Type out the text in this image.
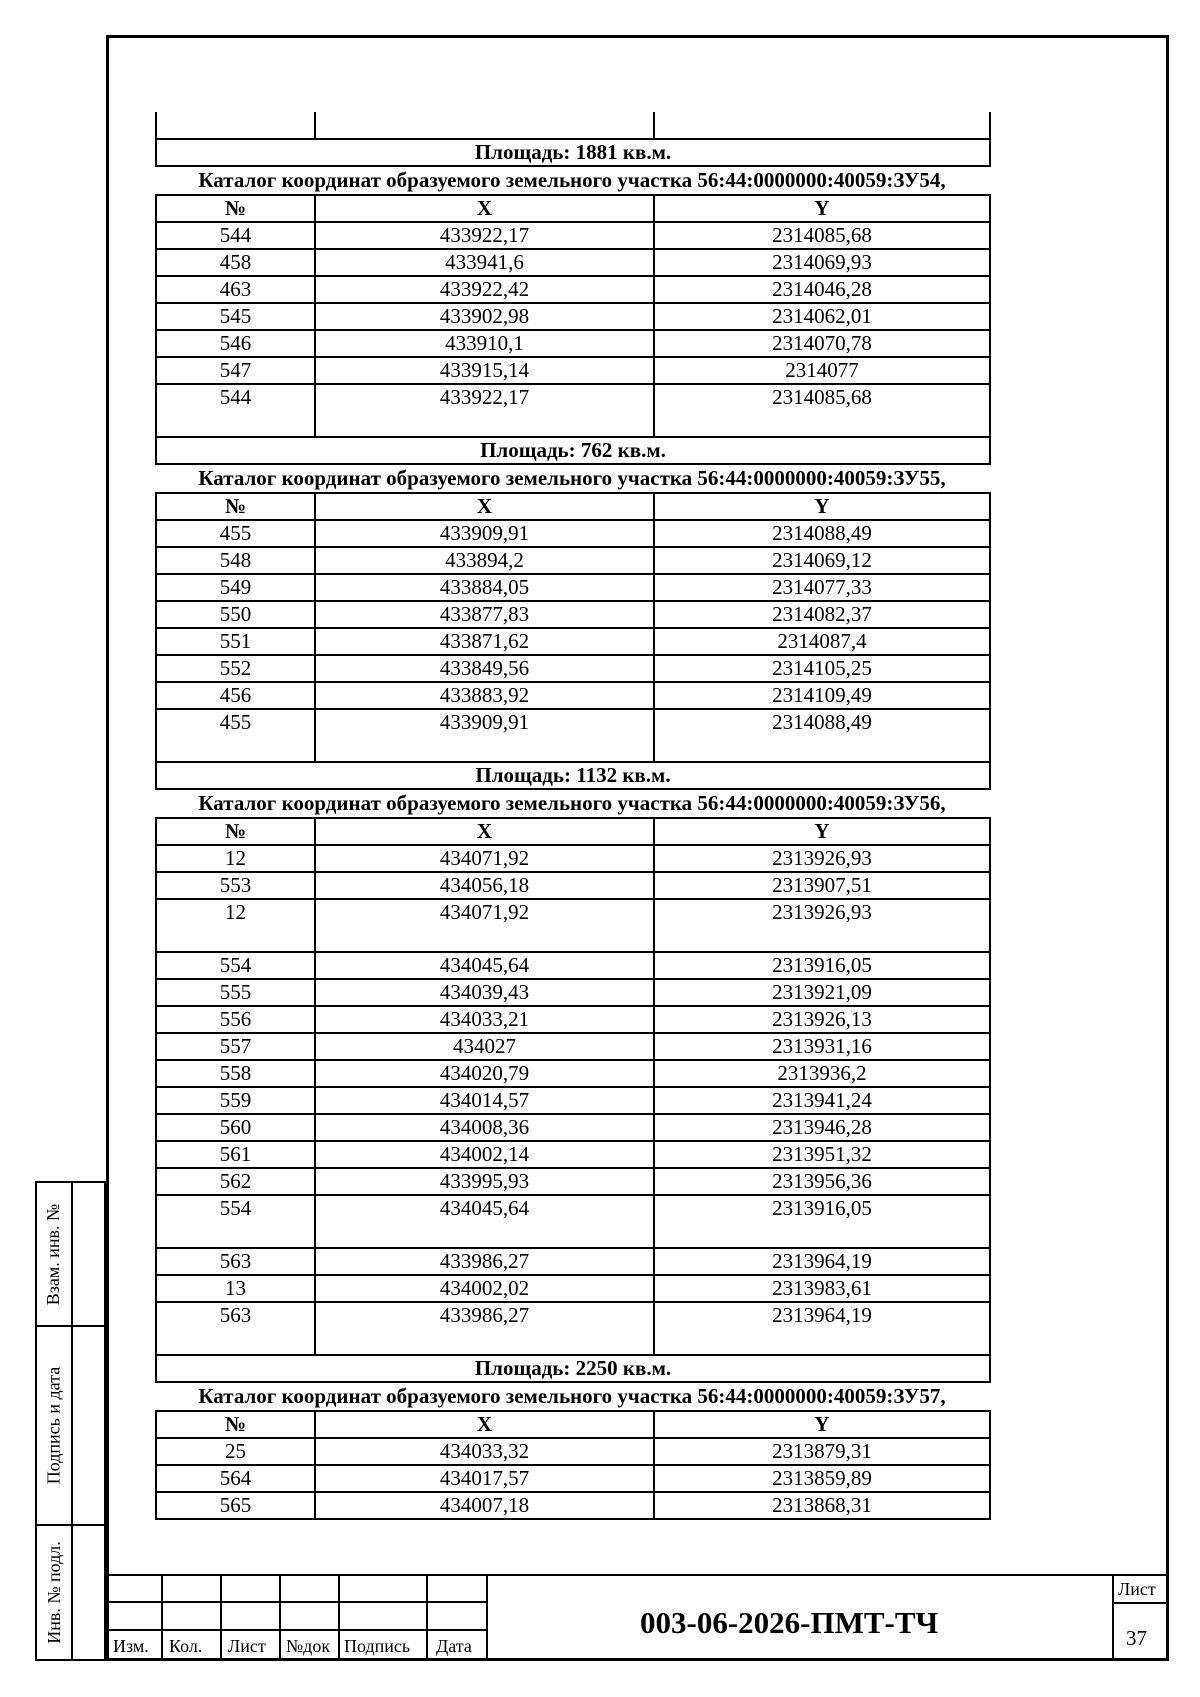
Взам. инв. №
Подпись и дата
Инв. № подл.

Площадь: 1881 кв.м.
Каталог координат образуемого земельного участка 56:44:0000000:40059:ЗУ54,
№	X	Y
544	433922,17	2314085,68
458	433941,6	2314069,93
463	433922,42	2314046,28
545	433902,98	2314062,01
546	433910,1	2314070,78
547	433915,14	2314077
544	433922,17	2314085,68
Площадь: 762 кв.м.		
Каталог координат образуемого земельного участка 56:44:0000000:40059:ЗУ55,
№	X	Y
455	433909,91	2314088,49
548	433894,2	2314069,12
549	433884,05	2314077,33
550	433877,83	2314082,37
551	433871,62	2314087,4
552	433849,56	2314105,25
456	433883,92	2314109,49
455	433909,91	2314088,49
Площадь: 1132 кв.м.		
Каталог координат образуемого земельного участка 56:44:0000000:40059:ЗУ56,
№	X	Y
12	434071,92	2313926,93
553	434056,18	2313907,51
12	434071,92	2313926,93
554	434045,64	2313916,05
555	434039,43	2313921,09
556	434033,21	2313926,13
557	434027	2313931,16
558	434020,79	2313936,2
559	434014,57	2313941,24
560	434008,36	2313946,28
561	434002,14	2313951,32
562	433995,93	2313956,36
554	434045,64	2313916,05
563	433986,27	2313964,19
13	434002,02	2313983,61
563	433986,27	2313964,19
Площадь: 2250 кв.м.		
Каталог координат образуемого земельного участка 56:44:0000000:40059:ЗУ57,
№	X	Y
25	434033,32	2313879,31
564	434017,57	2313859,89
565	434007,18	2313868,31
Изм. Кол. Лист №док Подпись Дата
003-06-2026-ПМТ-ТЧ
Лист
37
